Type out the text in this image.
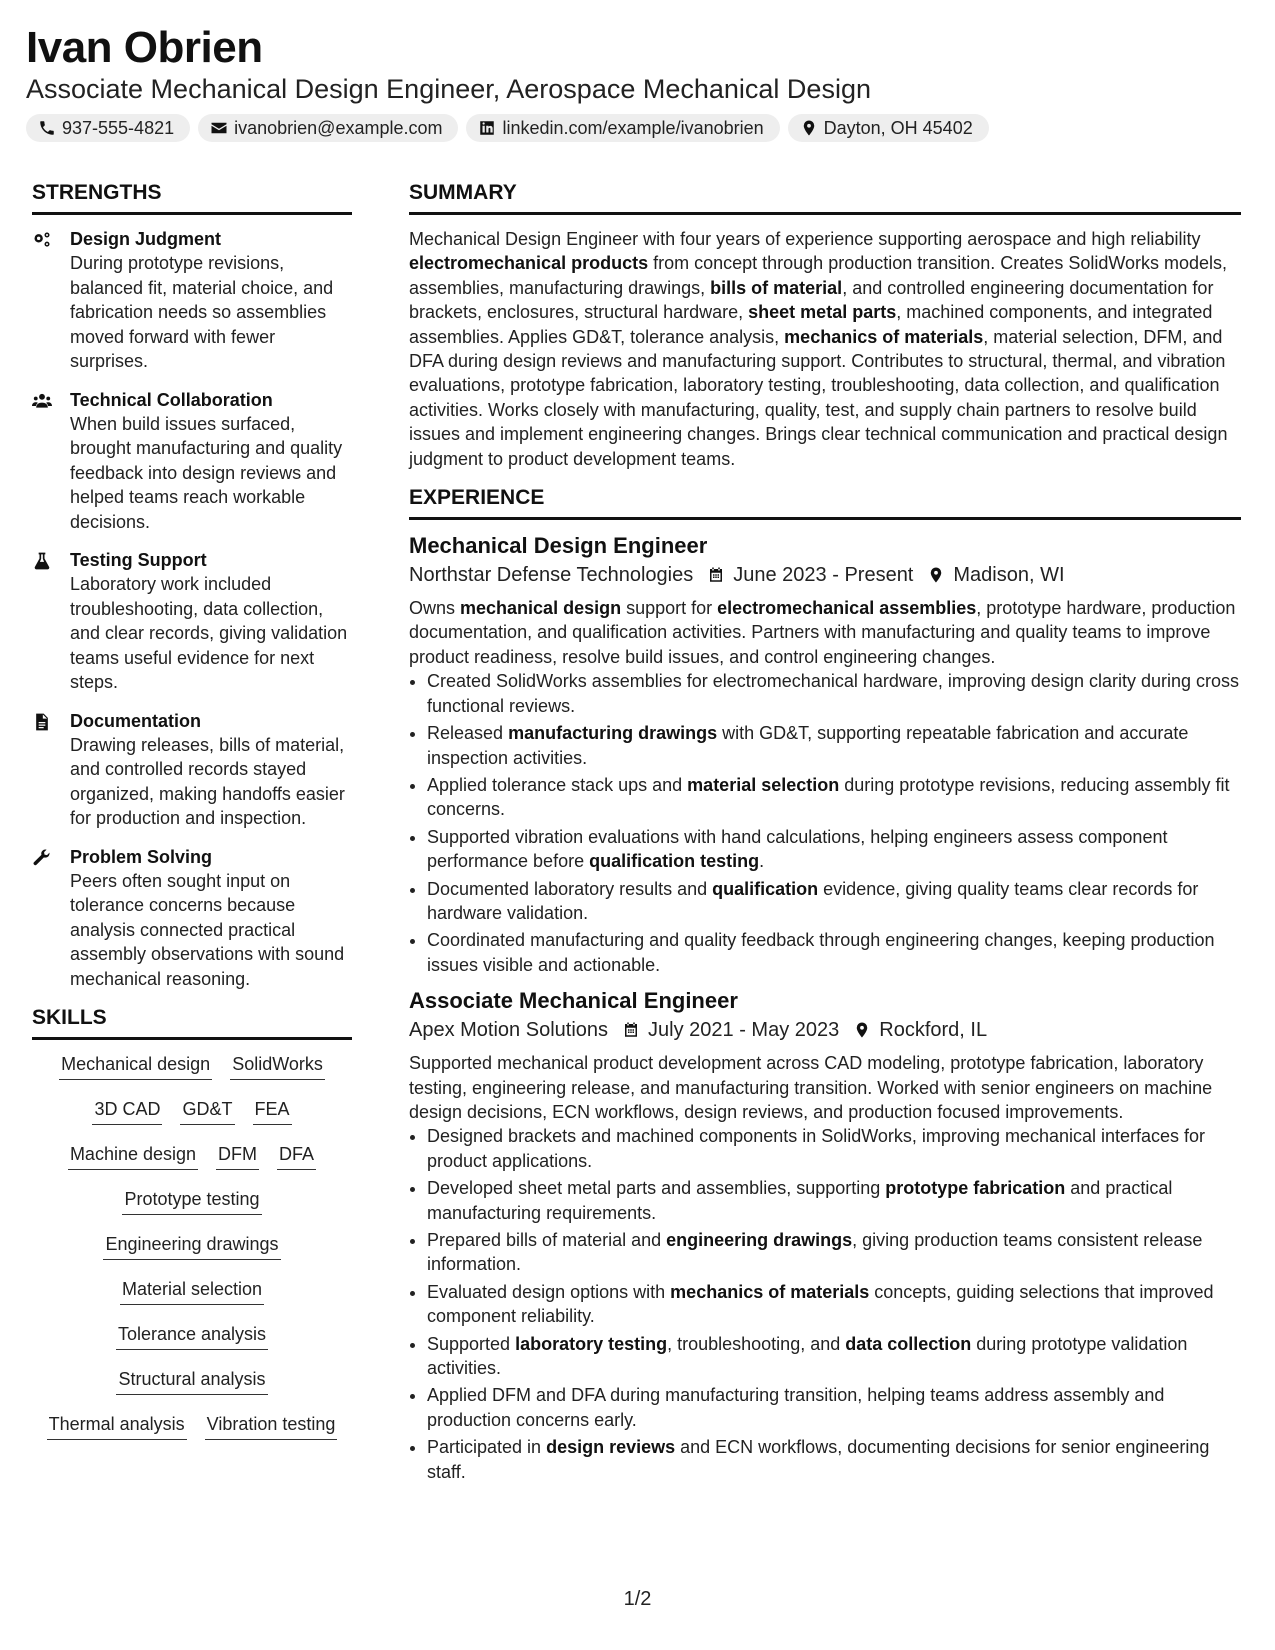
Ivan Obrien
Associate Mechanical Design Engineer, Aerospace Mechanical Design
937-555-4821	ivanobrien@example.com	linkedin.com/example/ivanobrien	Dayton, OH 45402
STRENGTHS
Design Judgment
During prototype revisions, balanced fit, material choice, and fabrication needs so assemblies moved forward with fewer surprises.
Technical Collaboration
When build issues surfaced, brought manufacturing and quality feedback into design reviews and helped teams reach workable decisions.
Testing Support
Laboratory work included troubleshooting, data collection, and clear records, giving validation teams useful evidence for next steps.
Documentation
Drawing releases, bills of material, and controlled records stayed organized, making handoffs easier for production and inspection.
Problem Solving
Peers often sought input on tolerance concerns because analysis connected practical assembly observations with sound mechanical reasoning.
SKILLS
Mechanical design SolidWorks
3D CAD GD&T FEA
Machine design DFM DFA
Prototype testing
Engineering drawings
Material selection
Tolerance analysis
Structural analysis
Thermal analysis Vibration testing
SUMMARY
Mechanical Design Engineer with four years of experience supporting aerospace and high reliability electromechanical products from concept through production transition. Creates SolidWorks models, assemblies, manufacturing drawings, bills of material, and controlled engineering documentation for brackets, enclosures, structural hardware, sheet metal parts, machined components, and integrated assemblies. Applies GD&T, tolerance analysis, mechanics of materials, material selection, DFM, and DFA during design reviews and manufacturing support. Contributes to structural, thermal, and vibration evaluations, prototype fabrication, laboratory testing, troubleshooting, data collection, and qualification activities. Works closely with manufacturing, quality, test, and supply chain partners to resolve build issues and implement engineering changes. Brings clear technical communication and practical design judgment to product development teams.
EXPERIENCE
Mechanical Design Engineer
Northstar Defense Technologies June 2023 - Present Madison, WI
Owns mechanical design support for electromechanical assemblies, prototype hardware, production documentation, and qualification activities. Partners with manufacturing and quality teams to improve product readiness, resolve build issues, and control engineering changes.
• Created SolidWorks assemblies for electromechanical hardware, improving design clarity during cross functional reviews.
• Released manufacturing drawings with GD&T, supporting repeatable fabrication and accurate inspection activities.
• Applied tolerance stack ups and material selection during prototype revisions, reducing assembly fit concerns.
• Supported vibration evaluations with hand calculations, helping engineers assess component performance before qualification testing.
• Documented laboratory results and qualification evidence, giving quality teams clear records for hardware validation.
• Coordinated manufacturing and quality feedback through engineering changes, keeping production issues visible and actionable.
Associate Mechanical Engineer
Apex Motion Solutions July 2021 - May 2023 Rockford, IL
Supported mechanical product development across CAD modeling, prototype fabrication, laboratory testing, engineering release, and manufacturing transition. Worked with senior engineers on machine design decisions, ECN workflows, design reviews, and production focused improvements.
• Designed brackets and machined components in SolidWorks, improving mechanical interfaces for product applications.
• Developed sheet metal parts and assemblies, supporting prototype fabrication and practical manufacturing requirements.
• Prepared bills of material and engineering drawings, giving production teams consistent release information.
• Evaluated design options with mechanics of materials concepts, guiding selections that improved component reliability.
• Supported laboratory testing, troubleshooting, and data collection during prototype validation activities.
• Applied DFM and DFA during manufacturing transition, helping teams address assembly and production concerns early.
• Participated in design reviews and ECN workflows, documenting decisions for senior engineering staff.
1/2
